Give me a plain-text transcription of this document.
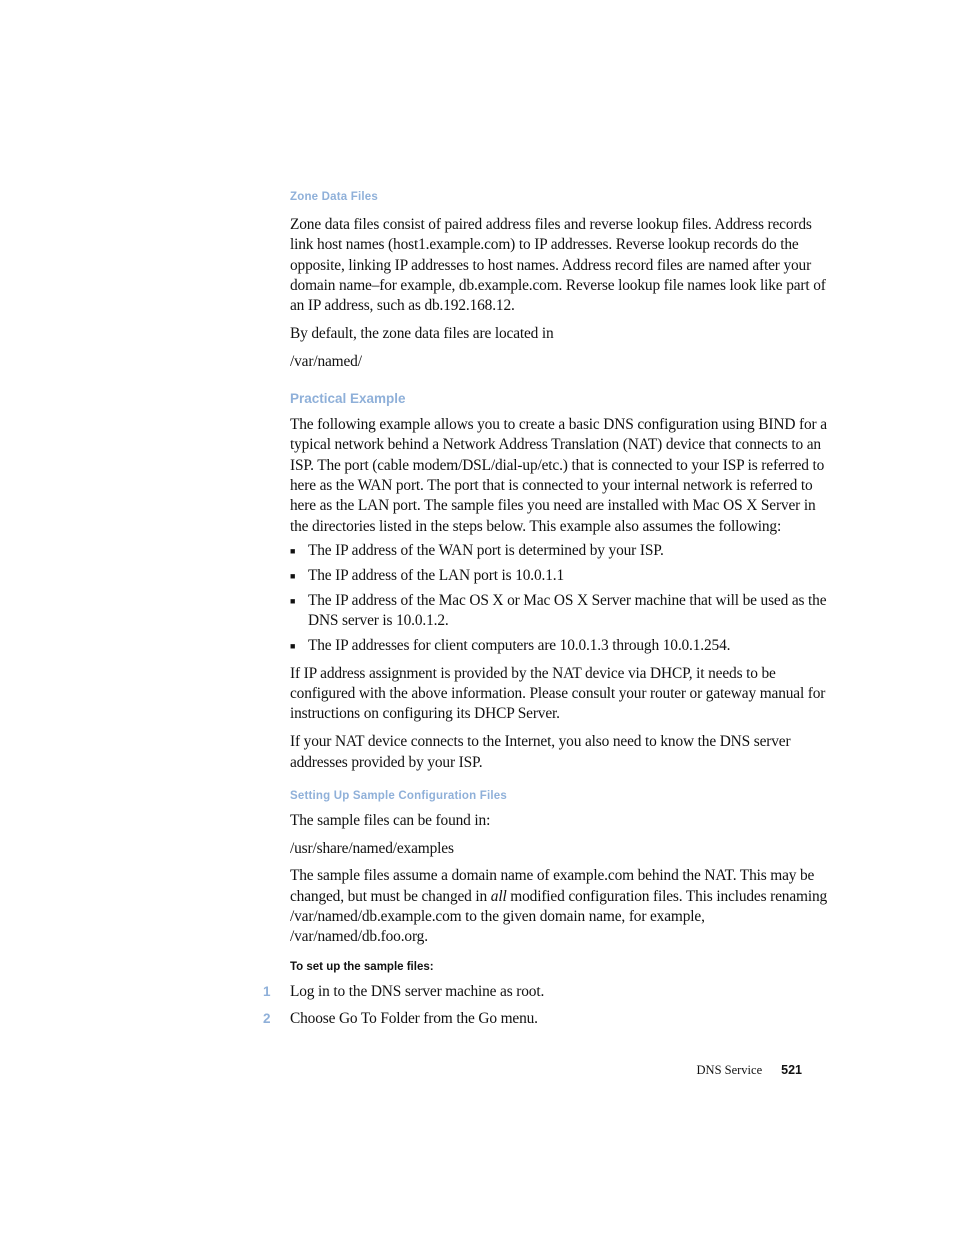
Zone Data Files

Zone data files consist of paired address files and reverse lookup files. Address records link host names (host1.example.com) to IP addresses. Reverse lookup records do the opposite, linking IP addresses to host names. Address record files are named after your domain name–for example, db.example.com. Reverse lookup file names look like part of an IP address, such as db.192.168.12.

By default, the zone data files are located in

/var/named/

Practical Example

The following example allows you to create a basic DNS configuration using BIND for a typical network behind a Network Address Translation (NAT) device that connects to an ISP. The port (cable modem/DSL/dial-up/etc.) that is connected to your ISP is referred to here as the WAN port. The port that is connected to your internal network is referred to here as the LAN port. The sample files you need are installed with Mac OS X Server in the directories listed in the steps below. This example also assumes the following:

■ The IP address of the WAN port is determined by your ISP.
■ The IP address of the LAN port is 10.0.1.1
■ The IP address of the Mac OS X or Mac OS X Server machine that will be used as the DNS server is 10.0.1.2.
■ The IP addresses for client computers are 10.0.1.3 through 10.0.1.254.

If IP address assignment is provided by the NAT device via DHCP, it needs to be configured with the above information. Please consult your router or gateway manual for instructions on configuring its DHCP Server.

If your NAT device connects to the Internet, you also need to know the DNS server addresses provided by your ISP.

Setting Up Sample Configuration Files

The sample files can be found in:

/usr/share/named/examples

The sample files assume a domain name of example.com behind the NAT. This may be changed, but must be changed in all modified configuration files. This includes renaming /var/named/db.example.com to the given domain name, for example, /var/named/db.foo.org.

To set up the sample files:
1 Log in to the DNS server machine as root.
2 Choose Go To Folder from the Go menu.
DNS Service 521
